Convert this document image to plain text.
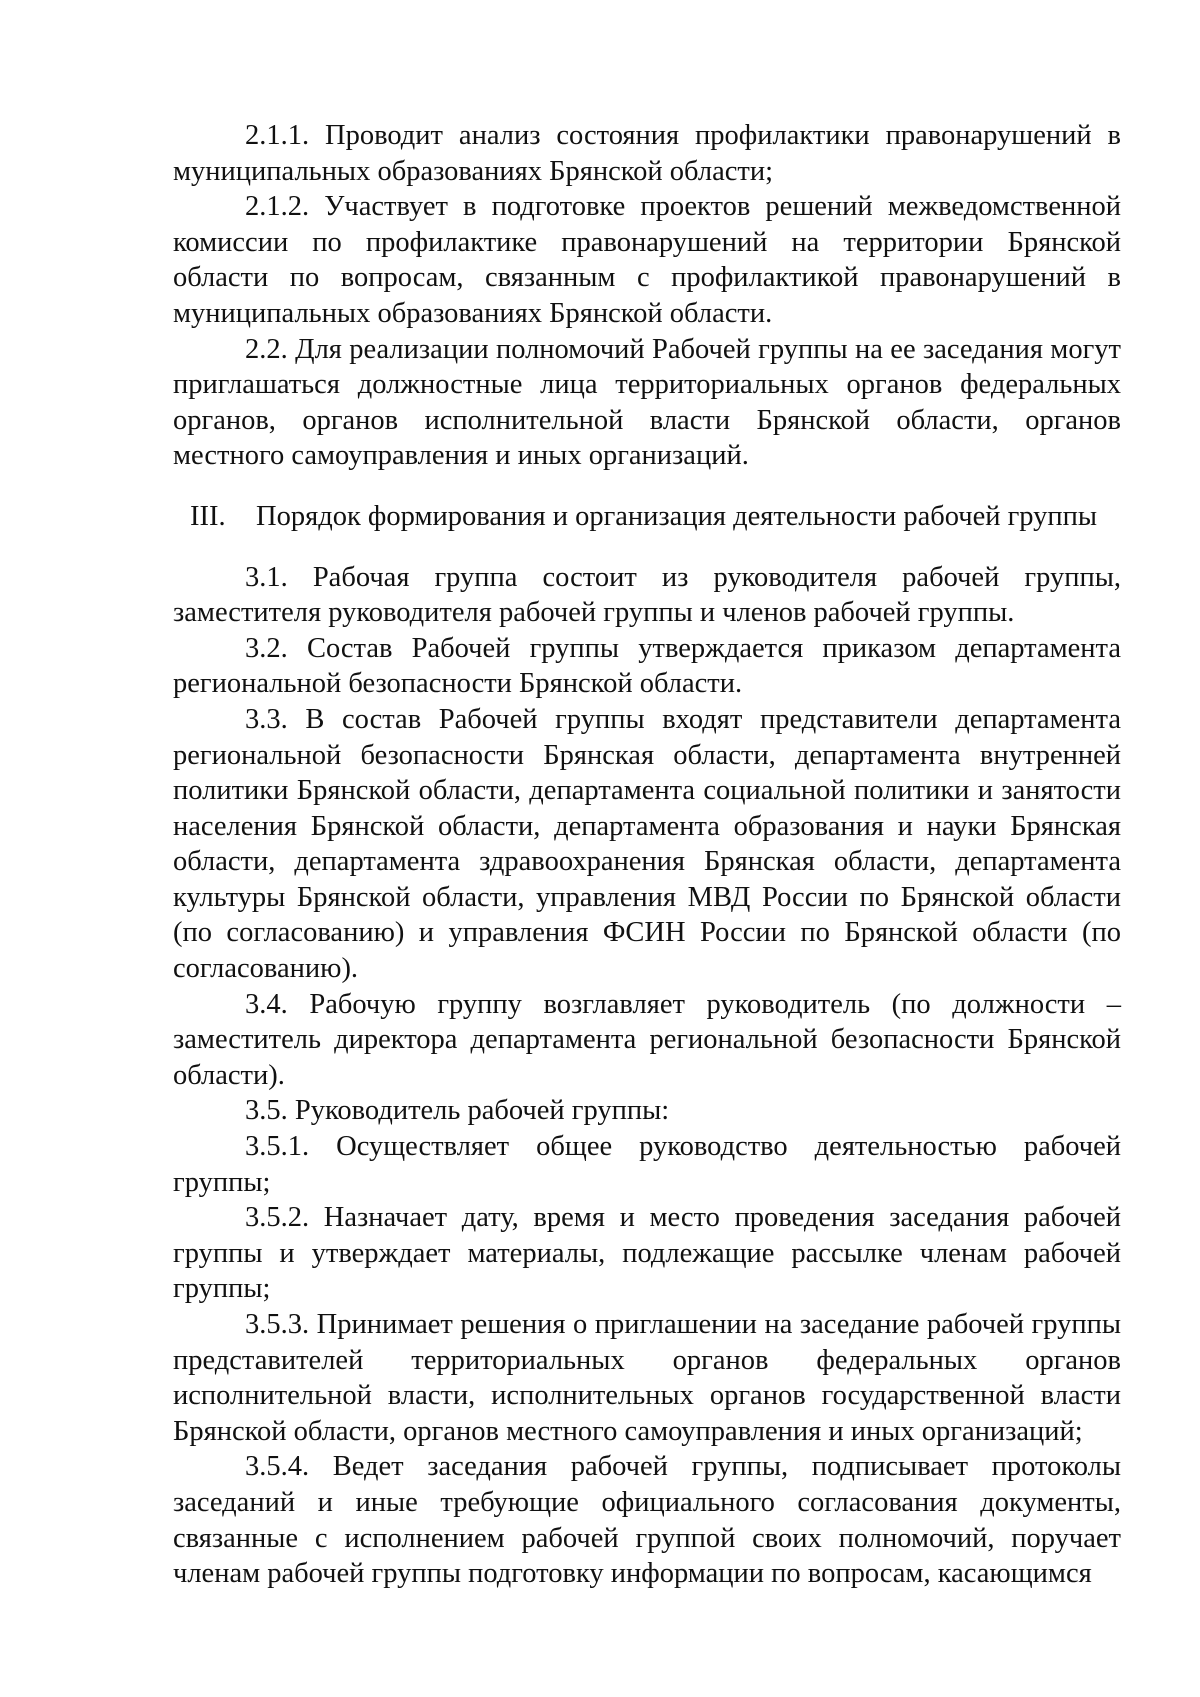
2.1.1. Проводит анализ состояния профилактики правонарушений в муниципальных образованиях Брянской области;

2.1.2. Участвует в подготовке проектов решений межведомственной комиссии по профилактике правонарушений на территории Брянской области по вопросам, связанным с профилактикой правонарушений в муниципальных образованиях Брянской области.

2.2. Для реализации полномочий Рабочей группы на ее заседания могут приглашаться должностные лица территориальных органов федеральных органов, органов исполнительной власти Брянской области, органов местного самоуправления и иных организаций.

III. Порядок формирования и организация деятельности рабочей группы

3.1. Рабочая группа состоит из руководителя рабочей группы, заместителя руководителя рабочей группы и членов рабочей группы.

3.2. Состав Рабочей группы утверждается приказом департамента региональной безопасности Брянской области.

3.3. В состав Рабочей группы входят представители департамента региональной безопасности Брянская области, департамента внутренней политики Брянской области, департамента социальной политики и занятости населения Брянской области, департамента образования и науки Брянская области, департамента здравоохранения Брянская области, департамента культуры Брянской области, управления МВД России по Брянской области (по согласованию) и управления ФСИН России по Брянской области (по согласованию).

3.4. Рабочую группу возглавляет руководитель (по должности – заместитель директора департамента региональной безопасности Брянской области).

3.5. Руководитель рабочей группы:

3.5.1. Осуществляет общее руководство деятельностью рабочей группы;

3.5.2. Назначает дату, время и место проведения заседания рабочей группы и утверждает материалы, подлежащие рассылке членам рабочей группы;

3.5.3. Принимает решения о приглашении на заседание рабочей группы представителей территориальных органов федеральных органов исполнительной власти, исполнительных органов государственной власти Брянской области, органов местного самоуправления и иных организаций;

3.5.4. Ведет заседания рабочей группы, подписывает протоколы заседаний и иные требующие официального согласования документы, связанные с исполнением рабочей группой своих полномочий, поручает членам рабочей группы подготовку информации по вопросам, касающимся
